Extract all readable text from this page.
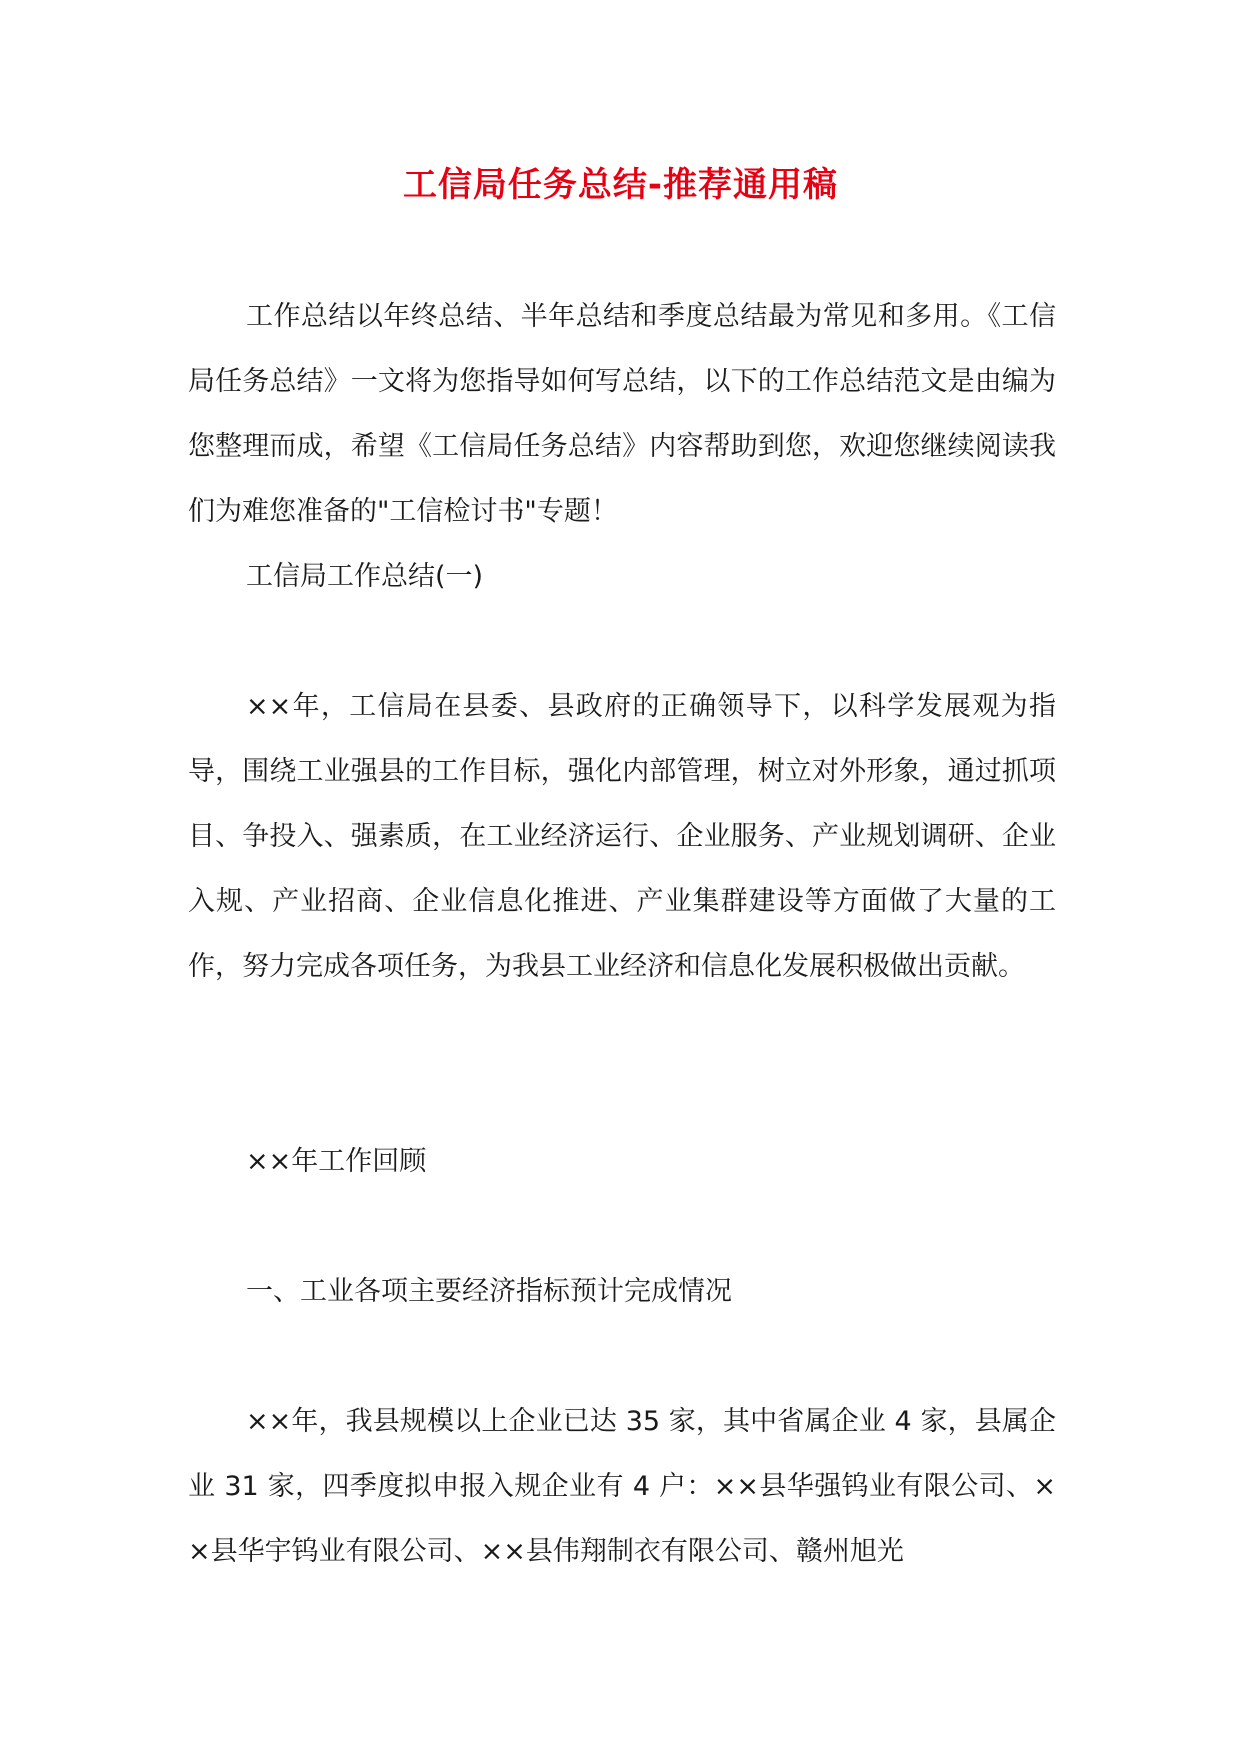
工信局任务总结-推荐通用稿

工作总结以年终总结、半年总结和季度总结最为常见和多用。《工信局任务总结》一文将为您指导如何写总结，以下的工作总结范文是由编为您整理而成，希望《工信局任务总结》内容帮助到您，欢迎您继续阅读我们为难您准备的"工信检讨书"专题！

工信局工作总结(一)

××年，工信局在县委、县政府的正确领导下，以科学发展观为指导，围绕工业强县的工作目标，强化内部管理，树立对外形象，通过抓项目、争投入、强素质，在工业经济运行、企业服务、产业规划调研、企业入规、产业招商、企业信息化推进、产业集群建设等方面做了大量的工作，努力完成各项任务，为我县工业经济和信息化发展积极做出贡献。

××年工作回顾

一、工业各项主要经济指标预计完成情况

××年，我县规模以上企业已达 35 家，其中省属企业 4 家，县属企业 31 家，四季度拟申报入规企业有 4 户：××县华强钨业有限公司、××县华宇钨业有限公司、××县伟翔制衣有限公司、赣州旭光
